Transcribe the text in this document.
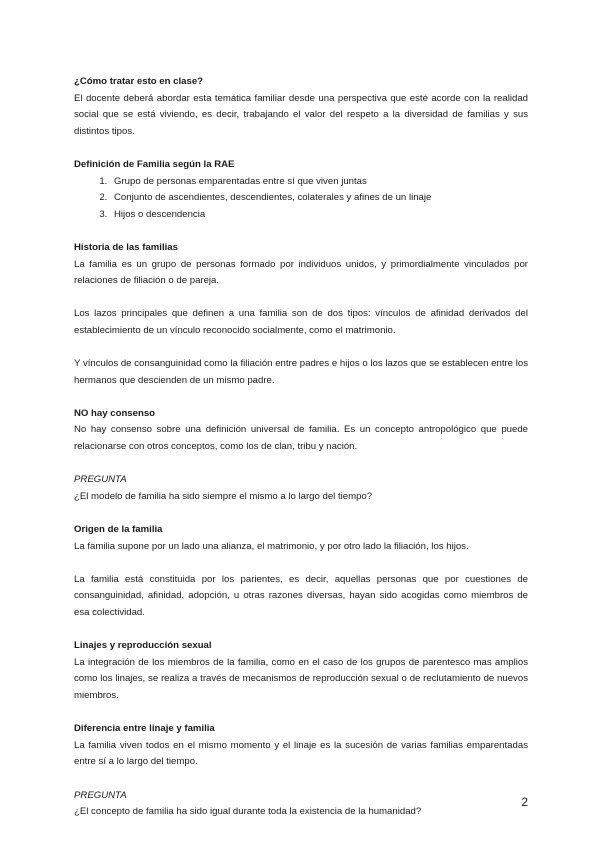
¿Cómo tratar esto en clase?

El docente deberá abordar esta temática familiar desde una perspectiva que esté acorde con la realidad social que se está viviendo, es decir, trabajando el valor del respeto a la diversidad de familias y sus distintos tipos.

Definición de Familia según la RAE

1. Grupo de personas emparentadas entre sí que viven juntas
2. Conjunto de ascendientes, descendientes, colaterales y afines de un linaje
3. Hijos o descendencia

Historia de las familias

La familia es un grupo de personas formado por individuos unidos, y primordialmente vinculados por relaciones de filiación o de pareja.

Los lazos principales que definen a una familia son de dos tipos: vínculos de afinidad derivados del establecimiento de un vínculo reconocido socialmente, como el matrimonio.

Y vínculos de consanguinidad como la filiación entre padres e hijos o los lazos que se establecen entre los hermanos que descienden de un mismo padre.

NO hay consenso

No hay consenso sobre una definición universal de familia. Es un concepto antropológico que puede relacionarse con otros conceptos, como los de clan, tribu y nación.

PREGUNTA

¿El modelo de familia ha sido siempre el mismo a lo largo del tiempo?

Origen de la familia

La familia supone por un lado una alianza, el matrimonio, y por otro lado la filiación, los hijos.

La familia está constituida por los parientes, es decir, aquellas personas que por cuestiones de consanguinidad, afinidad, adopción, u otras razones diversas, hayan sido acogidas como miembros de esa colectividad.

Linajes y reproducción sexual

La integración de los miembros de la familia, como en el caso de los grupos de parentesco mas amplios como los linajes, se realiza a través de mecanismos de reproducción sexual o de reclutamiento de nuevos miembros.

Diferencia entre linaje y familia

La familia viven todos en el mismo momento y el linaje es la sucesión de varias familias emparentadas entre sí a lo largo del tiempo.

PREGUNTA

¿El concepto de familia ha sido igual durante toda la existencia de la humanidad?

2
